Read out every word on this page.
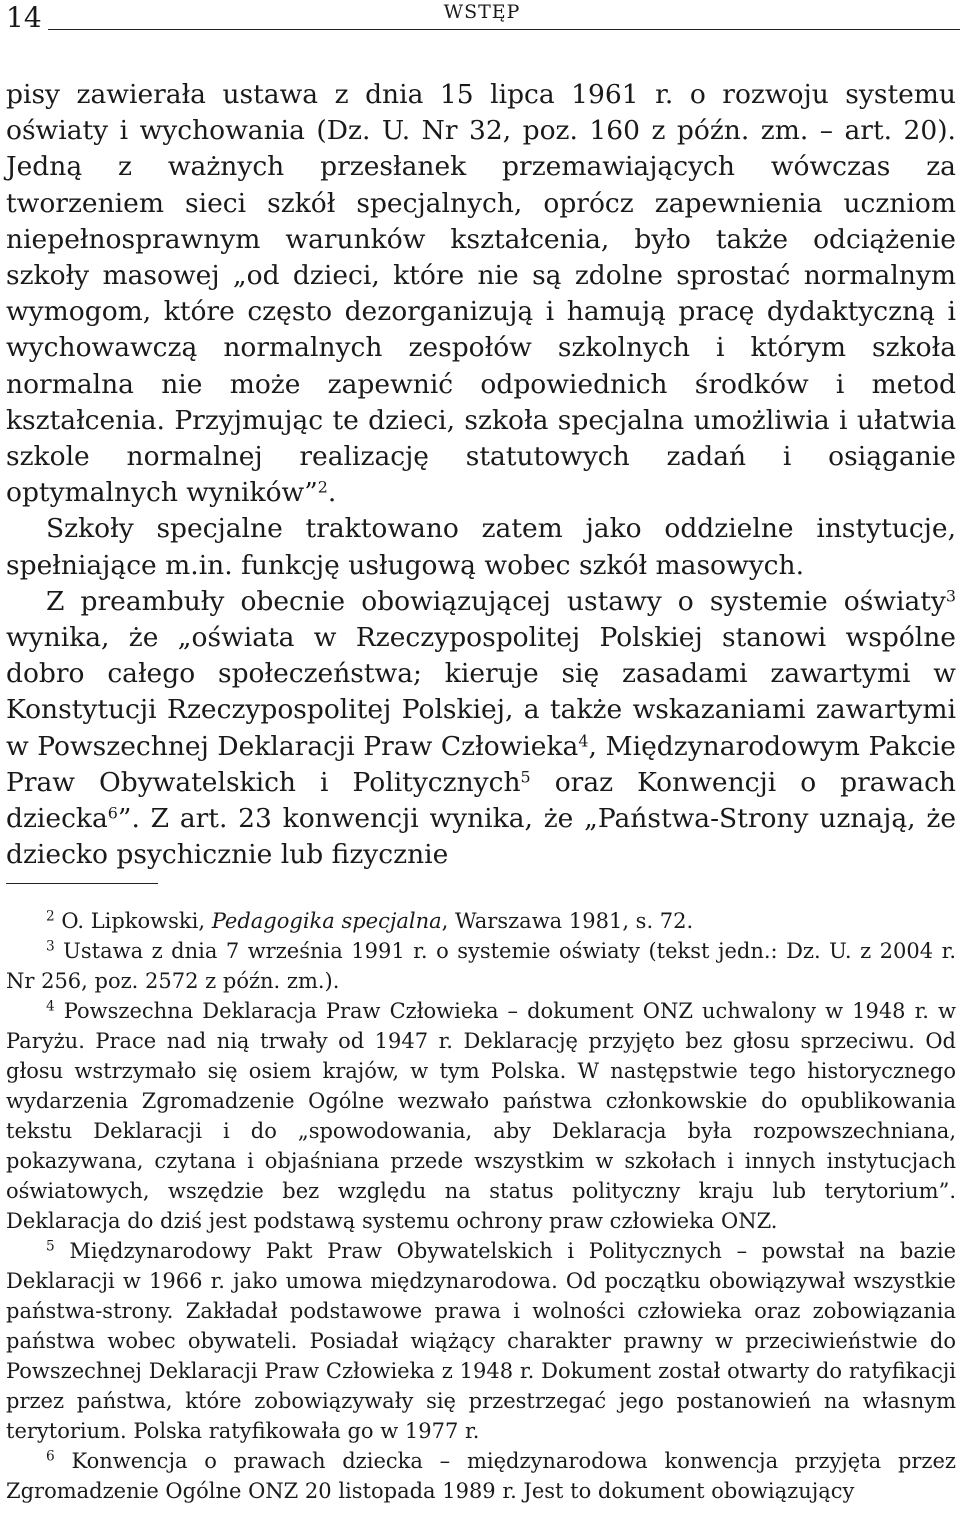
14	WSTĘP

pisy zawierała ustawa z dnia 15 lipca 1961 r. o rozwoju systemu oświaty i wychowania (Dz. U. Nr 32, poz. 160 z późn. zm. – art. 20). Jedną z ważnych przesłanek przemawiających wówczas za tworzeniem sieci szkół specjalnych, oprócz zapewnienia uczniom niepełnosprawnym warunków kształcenia, było także odciążenie szkoły masowej „od dzieci, które nie są zdolne sprostać normalnym wymogom, które często dezorganizują i hamują pracę dydaktyczną i wychowawczą normalnych zespołów szkolnych i którym szkoła normalna nie może zapewnić odpowiednich środków i metod kształcenia. Przyjmując te dzieci, szkoła specjalna umożliwia i ułatwia szkole normalnej realizację statutowych zadań i osiąganie optymalnych wyników”$^2$.

Szkoły specjalne traktowano zatem jako oddzielne instytucje, spełniające m.in. funkcję usługową wobec szkół masowych.

Z preambuły obecnie obowiązującej ustawy o systemie oświaty$^3$ wynika, że „oświata w Rzeczypospolitej Polskiej stanowi wspólne dobro całego społeczeństwa; kieruje się zasadami zawartymi w Konstytucji Rzeczypospolitej Polskiej, a także wskazaniami zawartymi w Powszechnej Deklaracji Praw Człowieka$^4$, Międzynarodowym Pakcie Praw Obywatelskich i Politycznych$^5$ oraz Konwencji o prawach dziecka$^6$”. Z art. 23 konwencji wynika, że „Państwa-Strony uznają, że dziecko psychicznie lub fizycznie

$^2$ O. Lipkowski, Pedagogika specjalna, Warszawa 1981, s. 72.

$^3$ Ustawa z dnia 7 września 1991 r. o systemie oświaty (tekst jedn.: Dz. U. z 2004 r. Nr 256, poz. 2572 z późn. zm.).

$^4$ Powszechna Deklaracja Praw Człowieka – dokument ONZ uchwalony w 1948 r. w Paryżu. Prace nad nią trwały od 1947 r. Deklarację przyjęto bez głosu sprzeciwu. Od głosu wstrzymało się osiem krajów, w tym Polska. W następstwie tego historycznego wydarzenia Zgromadzenie Ogólne wezwało państwa członkowskie do opublikowania tekstu Deklaracji i do „spowodowania, aby Deklaracja była rozpowszechniana, pokazywana, czytana i objaśniana przede wszystkim w szkołach i innych instytucjach oświatowych, wszędzie bez względu na status polityczny kraju lub terytorium”. Deklaracja do dziś jest podstawą systemu ochrony praw człowieka ONZ.

$^5$ Międzynarodowy Pakt Praw Obywatelskich i Politycznych – powstał na bazie Deklaracji w 1966 r. jako umowa międzynarodowa. Od początku obowiązywał wszystkie państwa-strony. Zakładał podstawowe prawa i wolności człowieka oraz zobowiązania państwa wobec obywateli. Posiadał wiążący charakter prawny w przeciwieństwie do Powszechnej Deklaracji Praw Człowieka z 1948 r. Dokument został otwarty do ratyfikacji przez państwa, które zobowiązywały się przestrzegać jego postanowień na własnym terytorium. Polska ratyfikowała go w 1977 r.

$^6$ Konwencja o prawach dziecka – międzynarodowa konwencja przyjęta przez Zgromadzenie Ogólne ONZ 20 listopada 1989 r. Jest to dokument obowiązujący
